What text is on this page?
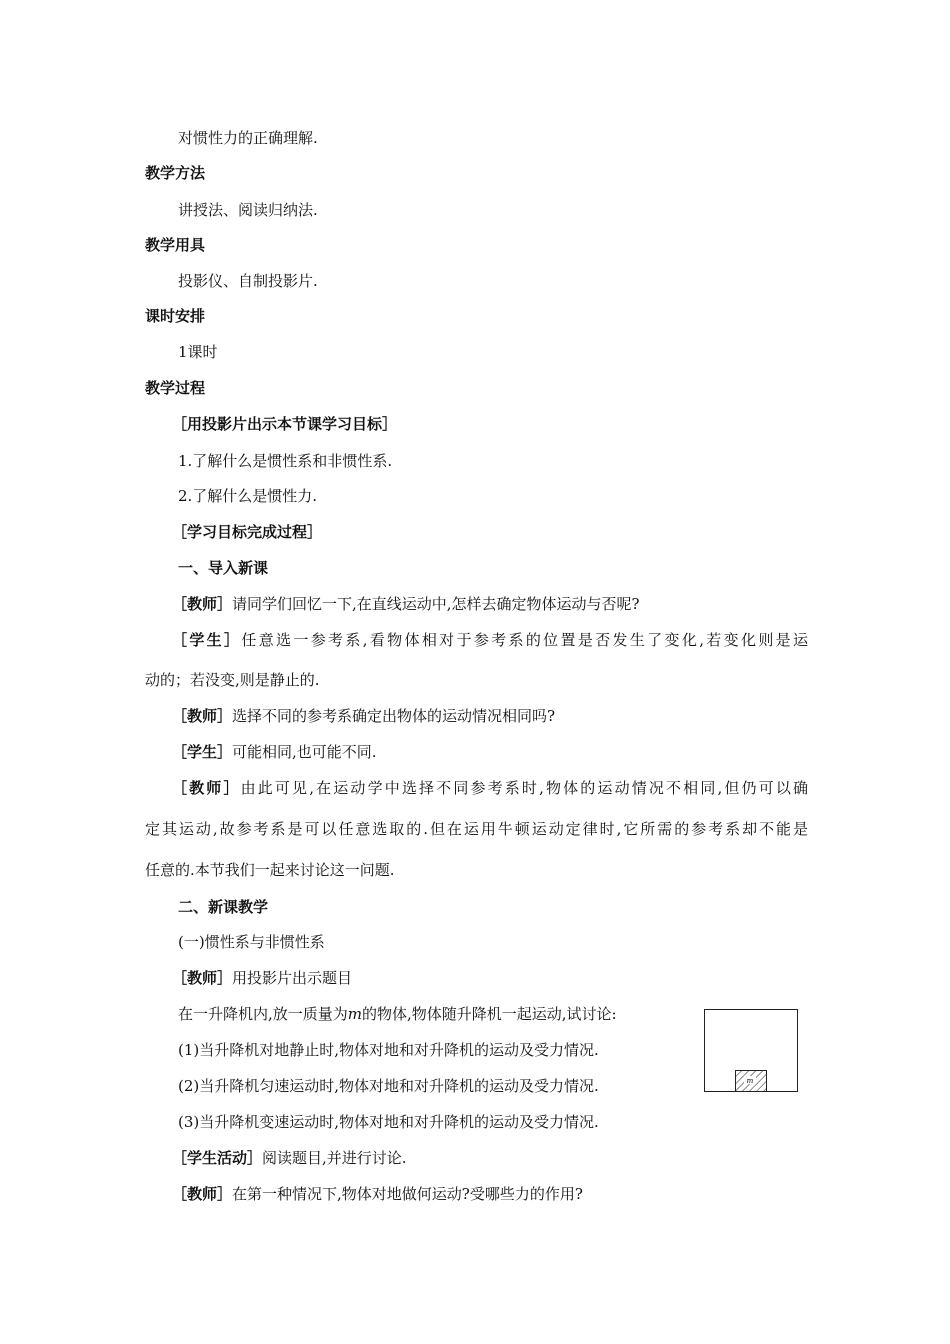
对惯性力的正确理解.
教学方法
讲授法、阅读归纳法.
教学用具
投影仪、自制投影片.
课时安排
1课时
教学过程
［用投影片出示本节课学习目标］
1.了解什么是惯性系和非惯性系.
2.了解什么是惯性力.
［学习目标完成过程］
一、导入新课
［教师］请同学们回忆一下,在直线运动中,怎样去确定物体运动与否呢?
［学生］任意选一参考系,看物体相对于参考系的位置是否发生了变化,若变化则是运
动的；若没变,则是静止的.
［教师］选择不同的参考系确定出物体的运动情况相同吗?
［学生］可能相同,也可能不同.
［教师］由此可见,在运动学中选择不同参考系时,物体的运动情况不相同,但仍可以确
定其运动,故参考系是可以任意选取的.但在运用牛顿运动定律时,它所需的参考系却不能是
任意的.本节我们一起来讨论这一问题.
二、新课教学
(一)惯性系与非惯性系
［教师］用投影片出示题目
在一升降机内,放一质量为m的物体,物体随升降机一起运动,试讨论:
(1)当升降机对地静止时,物体对地和对升降机的运动及受力情况.
(2)当升降机匀速运动时,物体对地和对升降机的运动及受力情况.
(3)当升降机变速运动时,物体对地和对升降机的运动及受力情况.
［学生活动］阅读题目,并进行讨论.
［教师］在第一种情况下,物体对地做何运动?受哪些力的作用?
m
